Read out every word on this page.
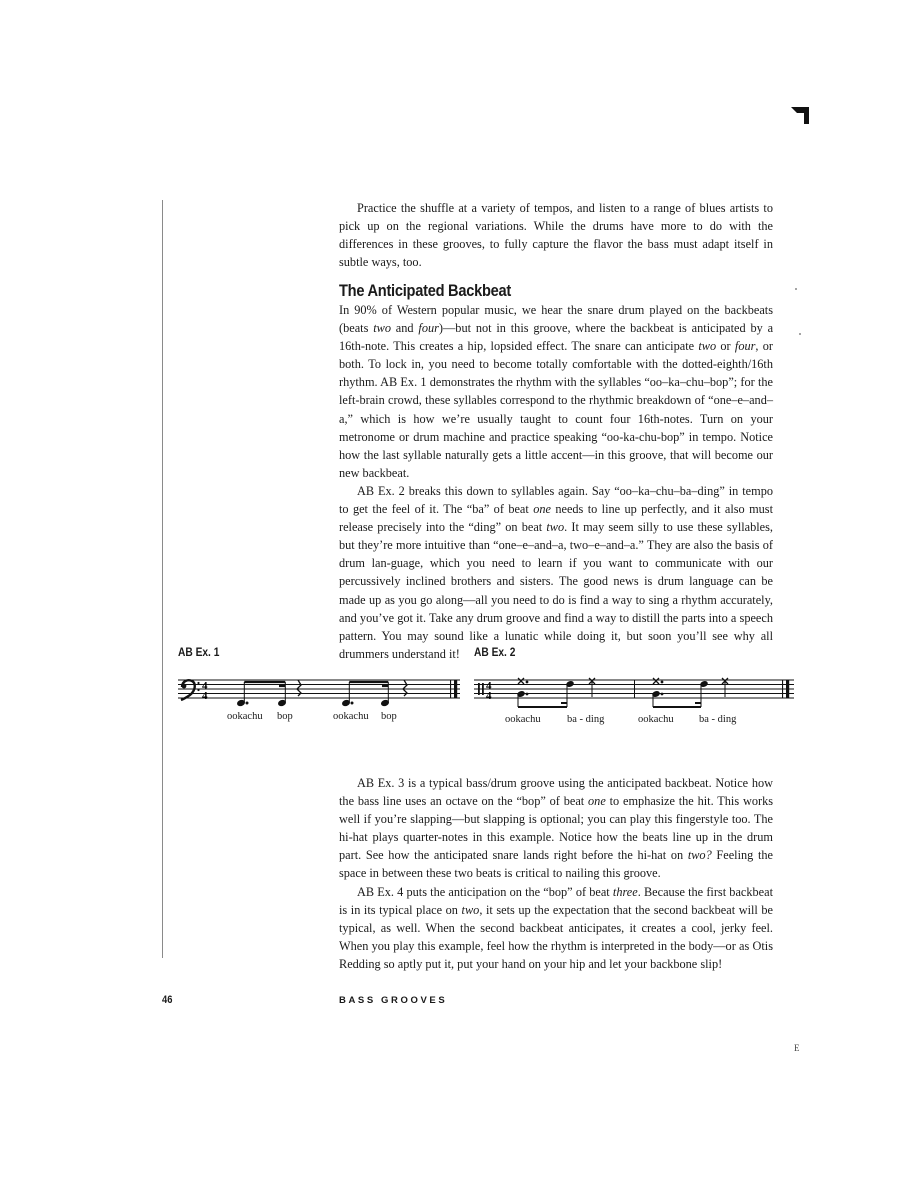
Practice the shuffle at a variety of tempos, and listen to a range of blues artists to pick up on the regional variations. While the drums have more to do with the differences in these grooves, to fully capture the flavor the bass must adapt itself in subtle ways, too.

The Anticipated Backbeat

In 90% of Western popular music, we hear the snare drum played on the backbeats (beats two and four)—but not in this groove, where the backbeat is anticipated by a 16th-note. This creates a hip, lopsided effect. The snare can anticipate two or four, or both. To lock in, you need to become totally comfortable with the dotted-eighth/16th rhythm. AB Ex. 1 demonstrates the rhythm with the syllables “oo–ka–chu–bop”; for the left-brain crowd, these syllables correspond to the rhythmic breakdown of “one–e–and–a,” which is how we’re usually taught to count four 16th-notes. Turn on your metronome or drum machine and practice speaking “oo-ka-chu-bop” in tempo. Notice how the last syllable naturally gets a little accent—in this groove, that will become our new backbeat.

AB Ex. 2 breaks this down to syllables again. Say “oo–ka–chu–ba–ding” in tempo to get the feel of it. The “ba” of beat one needs to line up perfectly, and it also must release precisely into the “ding” on beat two. It may seem silly to use these syllables, but they’re more intuitive than “one–e–and–a, two–e–and–a.” They are also the basis of drum lan-guage, which you need to learn if you want to communicate with our percussively inclined brothers and sisters. The good news is drum language can be made up as you go along—all you need to do is find a way to sing a rhythm accurately, and you’ve got it. Take any drum groove and find a way to distill the parts into a speech pattern. You may sound like a lunatic while doing it, but soon you’ll see why all drummers understand it!

AB Ex. 1

4
4

ookachu bop	ookachu bop

AB Ex. 2

4
4

ookachu	ba - ding	ookachu ba - ding

AB Ex. 3 is a typical bass/drum groove using the anticipated backbeat. Notice how the bass line uses an octave on the “bop” of beat one to emphasize the hit. This works well if you’re slapping—but slapping is optional; you can play this fingerstyle too. The hi-hat plays quarter-notes in this example. Notice how the beats line up in the drum part. See how the anticipated snare lands right before the hi-hat on two? Feeling the space in between these two beats is critical to nailing this groove.

AB Ex. 4 puts the anticipation on the “bop” of beat three. Because the first backbeat is in its typical place on two, it sets up the expectation that the second backbeat will be typical, as well. When the second backbeat anticipates, it creates a cool, jerky feel. When you play this example, feel how the rhythm is interpreted in the body—or as Otis Redding so aptly put it, put your hand on your hip and let your backbone slip!

46	BASS GROOVES

E
